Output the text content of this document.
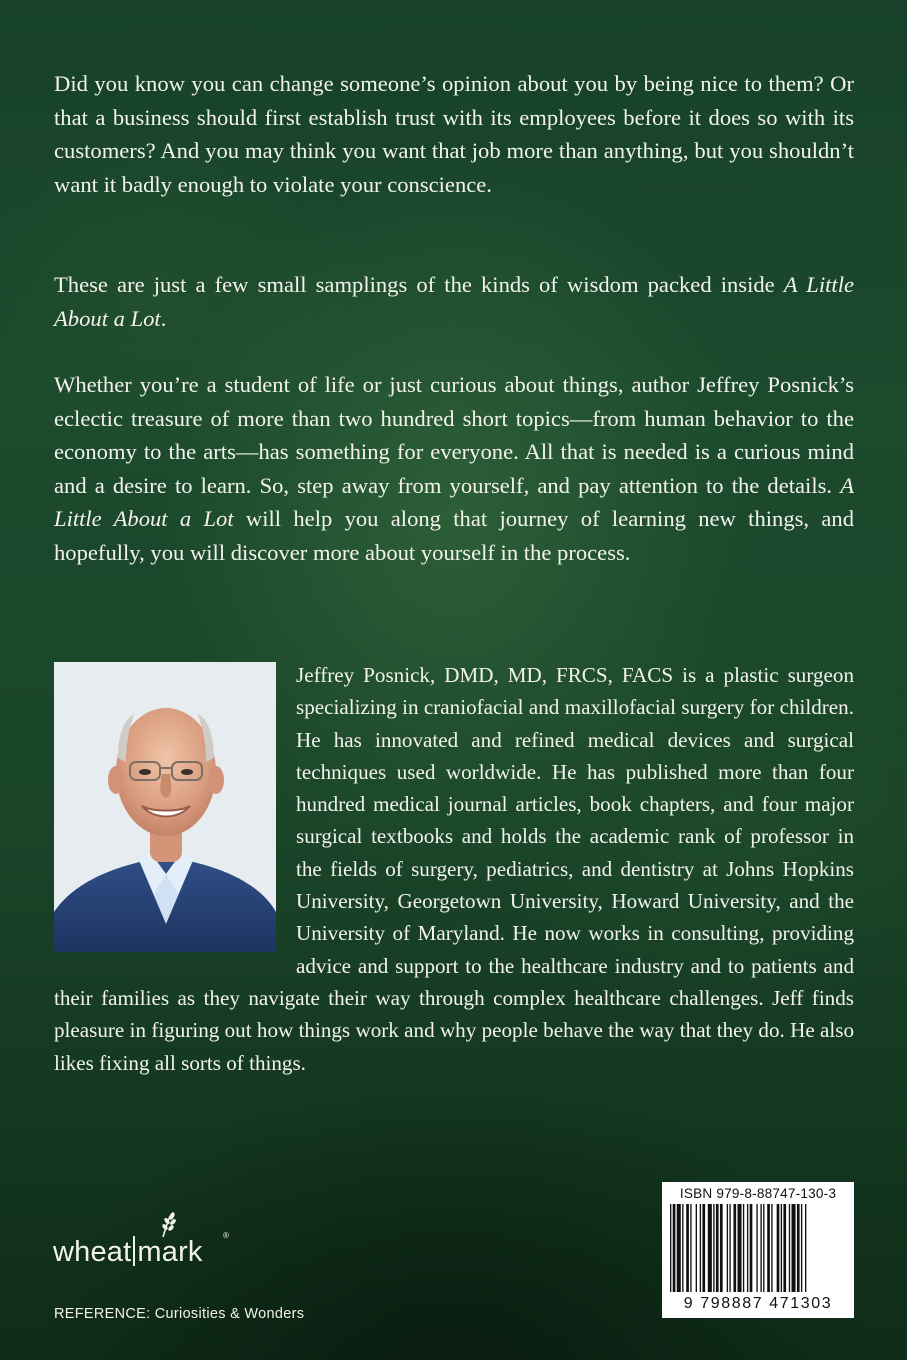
Did you know you can change someone’s opinion about you by being nice to them? Or that a business should first establish trust with its employees before it does so with its customers? And you may think you want that job more than anything, but you shouldn’t want it badly enough to violate your conscience.

These are just a few small samplings of the kinds of wisdom packed inside A Little About a Lot.

Whether you’re a student of life or just curious about things, author Jeffrey Posnick’s eclectic treasure of more than two hundred short topics—from human behavior to the economy to the arts—has something for everyone. All that is needed is a curious mind and a desire to learn. So, step away from yourself, and pay attention to the details. A Little About a Lot will help you along that journey of learning new things, and hopefully, you will discover more about yourself in the process.

Jeffrey Posnick, DMD, MD, FRCS, FACS is a plastic surgeon specializing in craniofacial and maxillofacial surgery for children. He has innovated and refined medical devices and surgical techniques used worldwide. He has published more than four hundred medical journal articles, book chapters, and four major surgical textbooks and holds the academic rank of professor in the fields of surgery, pediatrics, and dentistry at Johns Hopkins University, Georgetown University, Howard University, and the University of Maryland. He now works in consulting, providing advice and support to the healthcare industry and to patients and their families as they navigate their way through complex healthcare challenges. Jeff finds pleasure in figuring out how things work and why people behave the way that they do. He also likes fixing all sorts of things.

wheat mark
®
REFERENCE: Curiosities & Wonders
ISBN 979-8-88747-130-3
9 798887 471303
